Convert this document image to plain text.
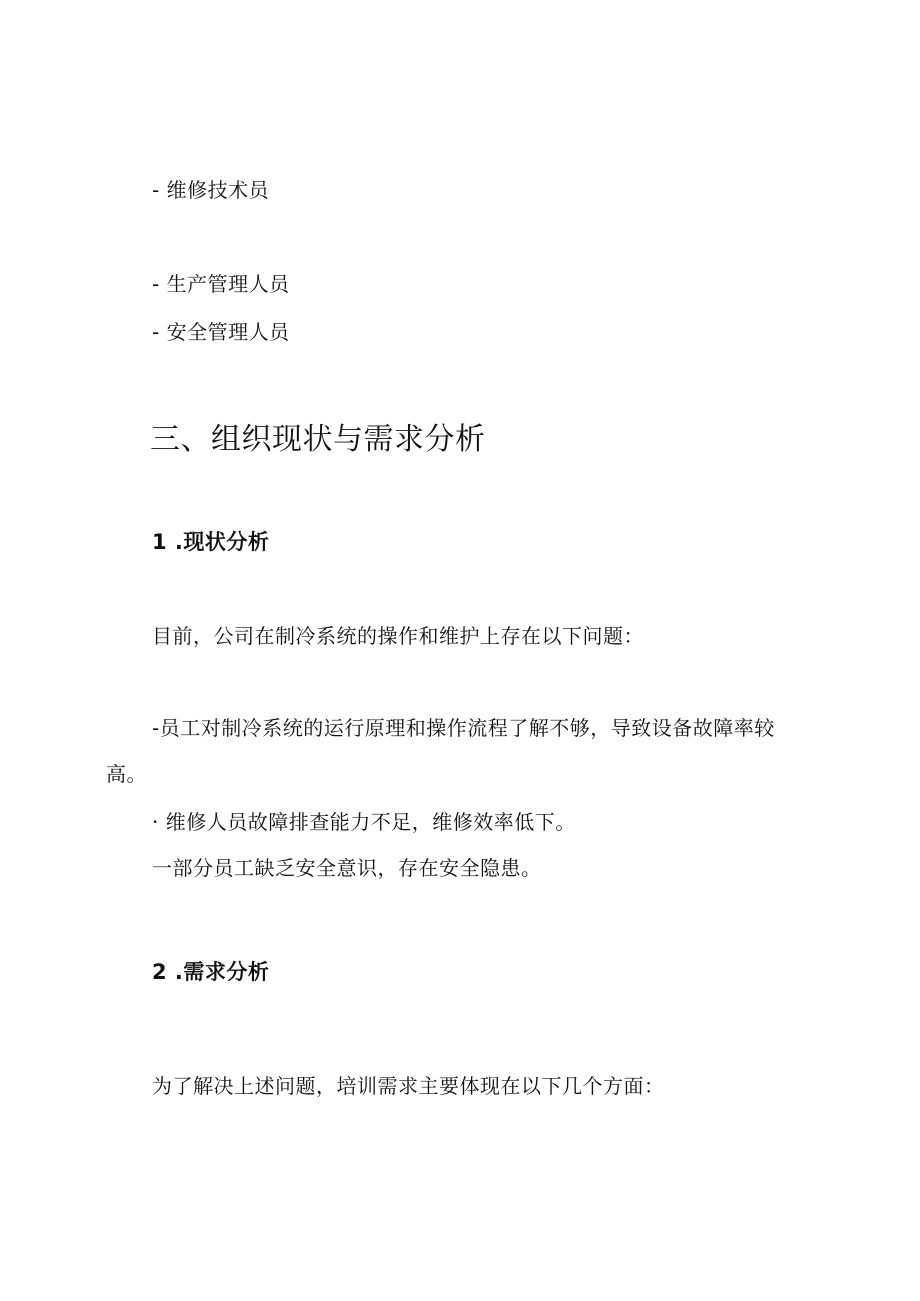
- 维修技术员
- 生产管理人员
- 安全管理人员
三、组织现状与需求分析
1 .现状分析
目前，公司在制冷系统的操作和维护上存在以下问题：
-员工对制冷系统的运行原理和操作流程了解不够，导致设备故障率较
高。
· 维修人员故障排查能力不足，维修效率低下。
一部分员工缺乏安全意识，存在安全隐患。
2 .需求分析
为了解决上述问题，培训需求主要体现在以下几个方面：
